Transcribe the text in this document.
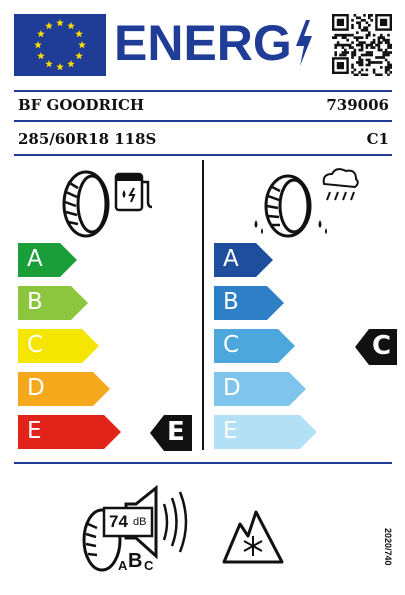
ENERG
BF GOODRICH	739006
285/60R18 118S	C1
A
B
C
D
E
A
B
C
D
E
E
C
74 dB
A B C	2020/740
